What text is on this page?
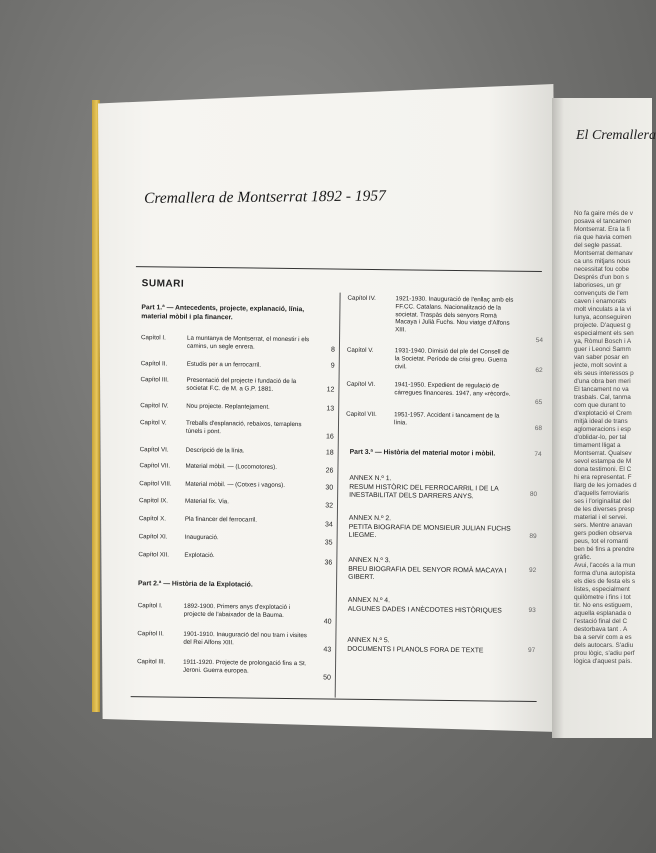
El Cremallera
No fa gaire més de v
posava el tancamen
Montserrat. Era la fi
ria que havia comen
del segle passat.
Montserrat demanav
ca uns mitjans nous
necessitat fou cobe
Després d'un bon s
laborioses, un gr
convençuts de l'em
caven i enamorats
molt vinculats a la vi
lunya, aconseguiren
projecte. D'aquest g
especialment els sen
ya, Ròmul Bosch i A
guer i Leonci Samm
van saber posar en
jecte, molt sovint a
els seus interessos p
d'una obra ben meri
El tancament no va
trasbals. Cal, tanma
com que durant to
d'explotació el Crem
mitjà ideal de trans
aglomeracions i esp
d'oblidar-lo, per tal
timament lligat a
Montserrat. Qualsev
sevol estampa de M
dona testimoni. El C
hi era representat. F
llarg de les jornades d
d'aquells ferroviaris
ses i l'originalitat del
de les diverses presp
material i el servei.
sers. Mentre anavan
gers podien observa
peus, tot el romanti
ben bé fins a prendre
gràfic.
Avui, l'accés a la mun
forma d'una autopista
els dies de festa els s
listes, especialment
quilòmetre i fins i tot
tir. No ens estiguem,
aquella esplanada o
l'estació final del C
destorbava tant . A
ba a servir com a es
dels autocars. S'adiu
prou lògic, s'adiu perf
lògica d'aquest país.
Cremallera de Montserrat 1892 - 1957
SUMARI
Part 1.ª — Antecedents, projecte, explanació, línia, material mòbil i pla financer.
Capítol I.	La muntanya de Montserrat, el monestir i els camins, un segle enrera.	8
Capítol II.	Estudis per a un ferrocarril.	9
Capítol III.	Presentació del projecte i fundació de la societat F.C. de M. a G.P. 1881.	12
Capítol IV.	Nou projecte. Replantejament.	13
Capítol V.	Treballs d'esplanació, rebaixos, terraplens túnels i pont.
16
Capítol VI.	Descripció de la línia.	18
Capítol VII.	Material mòbil. — (Locomotores).
26
Capítol VIII.	Material mòbil. — (Cotxes i vagons).	30
Capítol IX.	Material fix. Via.
32
Capítol X.	Pla financer del ferrocarril.
34
Capítol XI.	Inauguració.
35
Capítol XII.	Explotació.
36
Part 2.ª — Història de la Explotació.
Capítol I.	1892-1900. Primers anys d'explotació i projecte de l'abaixador de la Bauma.
40
Capítol II.	1901-1910. Inauguració del nou tram i visites del Rei Alfons XIII.
43
Capítol III.	1911-1920. Projecte de prolongació fins a St. Jeroni. Guerra europea.
50
Capítol IV.	1921-1930. Inauguració de l'enllaç amb els FF.CC. Catalans. Nacionalització de la societat. Traspàs dels senyors Romà Macaya i Julià Fuchs. Nou viatge d'Alfons XIII.
54
Capítol V.	1931-1940. Dimisió del ple del Consell de la Societat. Període de crisi greu. Guerra civil.
62
Capítol VI.	1941-1950. Expedient de regulació de càrregues financeres. 1947, any «rècord».
65
Capítol VII.	1951-1957. Accident i tancament de la línia.
68
Part 3.ª — Història del material motor i mòbil.	74
ANNEX N.º 1.
RESUM HISTÒRIC DEL FERROCARRIL I DE LA INESTABILITAT DELS DARRERS ANYS.	80
ANNEX N.º 2.
PETITA BIOGRAFIA DE MONSIEUR JULIAN FUCHS LIEGME.	89
ANNEX N.º 3.
BREU BIOGRAFIA DEL SENYOR ROMÀ MACAYA I GIBERT.
92
ANNEX N.º 4.
ALGUNES DADES I ANÈCDOTES HISTÒRIQUES	93
ANNEX N.º 5.
DOCUMENTS I PLANOLS FORA DE TEXTE	97
